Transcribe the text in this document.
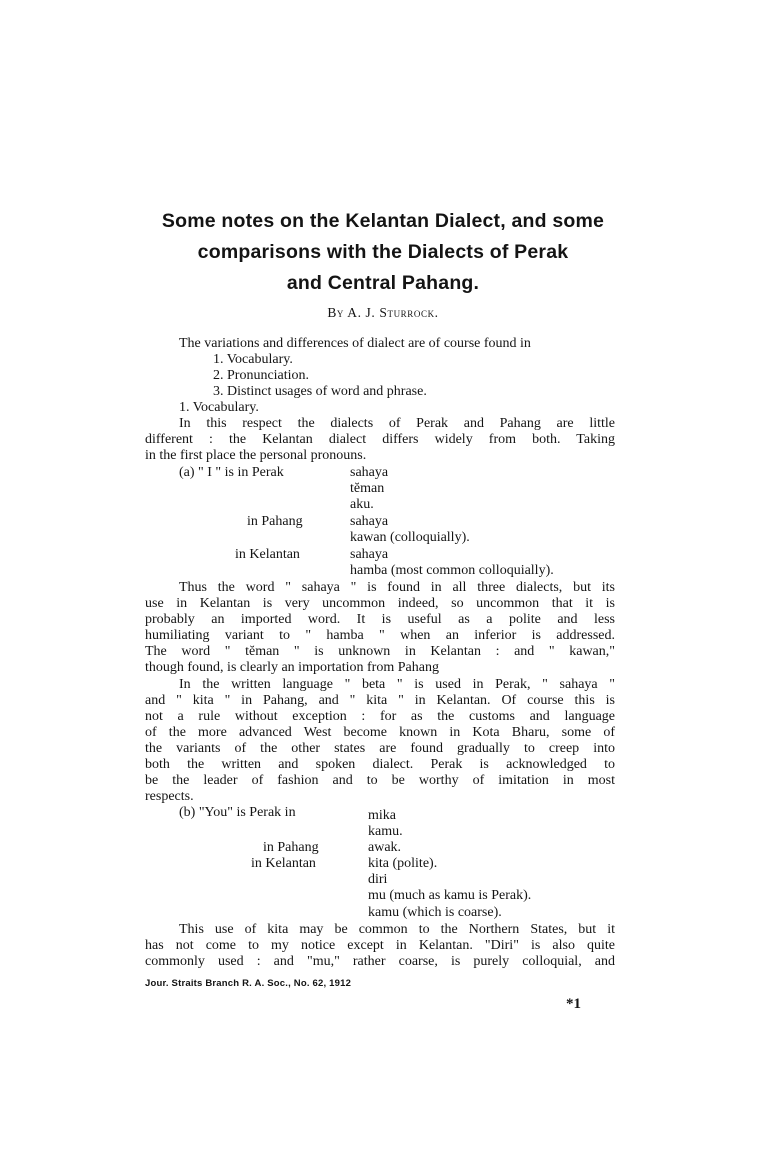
Some notes on the Kelantan Dialect, and some
comparisons with the Dialects of Perak
and Central Pahang.
By A. J. Sturrock.
The variations and differences of dialect are of course found in
1. Vocabulary.
2. Pronunciation.
3. Distinct usages of word and phrase.
1. Vocabulary.
In this respect the dialects of Perak and Pahang are little
different : the Kelantan dialect differs widely from both. Taking
in the first place the personal pronouns.
(a) " I " is in Perak	sahaya
tĕman
aku.
in Pahang	sahaya
kawan (colloquially).
in Kelantan	sahaya
hamba (most common colloquially).
Thus the word " sahaya " is found in all three dialects, but its
use in Kelantan is very uncommon indeed, so uncommon that it is
probably an imported word. It is useful as a polite and less
humiliating variant to " hamba " when an inferior is addressed.
The word " tĕman " is unknown in Kelantan : and " kawan,"
though found, is clearly an importation from Pahang
In the written language " beta " is used in Perak, " sahaya "
and " kita " in Pahang, and " kita " in Kelantan. Of course this is
not a rule without exception : for as the customs and language
of the more advanced West become known in Kota Bharu, some of
the variants of the other states are found gradually to creep into
both the written and spoken dialect. Perak is acknowledged to
be the leader of fashion and to be worthy of imitation in most
respects.
(b) "You" is Perak in	mika
kamu.
in Pahang	awak.
in Kelantan	kita (polite).
diri
mu (much as kamu is Perak).
kamu (which is coarse).
This use of kita may be common to the Northern States, but it
has not come to my notice except in Kelantan. "Diri" is also quite
commonly used : and "mu," rather coarse, is purely colloquial, and
Jour. Straits Branch R. A. Soc., No. 62, 1912
*1
